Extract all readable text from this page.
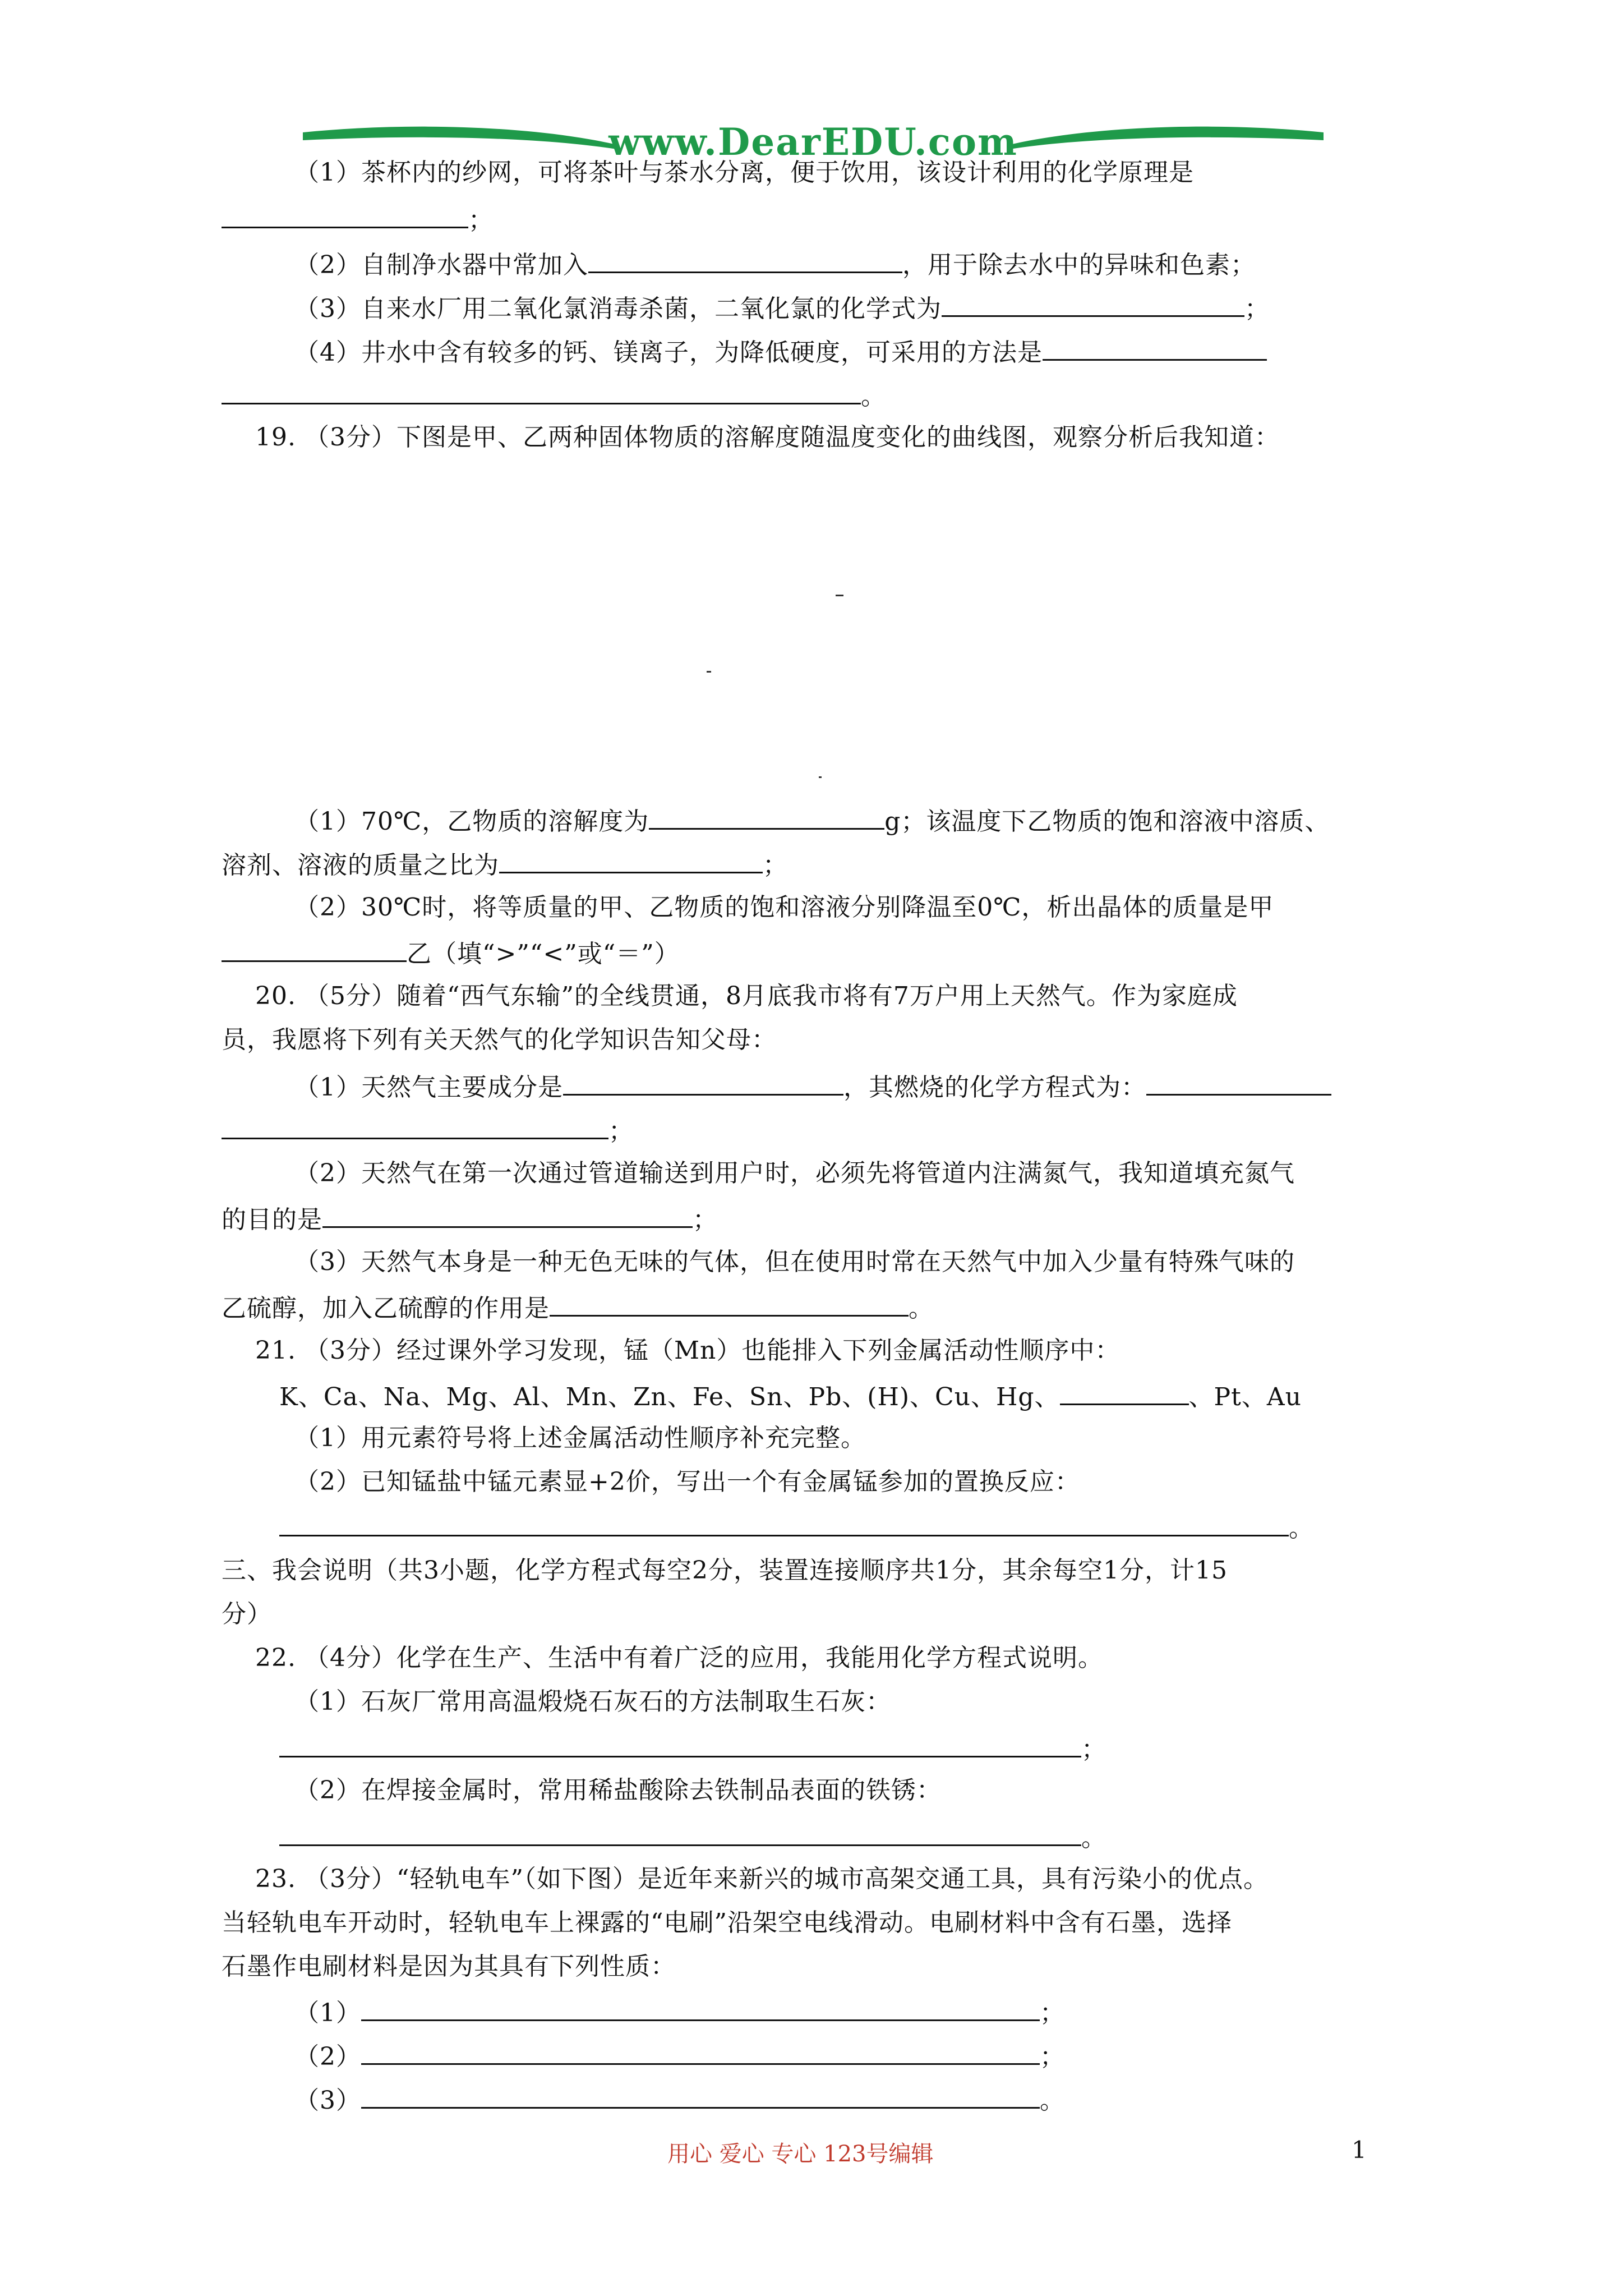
www.DearEDU.com
（1）茶杯内的纱网，可将茶叶与茶水分离，便于饮用，该设计利用的化学原理是
；
（2）自制净水器中常加入	，用于除去水中的异味和色素；
（3）自来水厂用二氧化氯消毒杀菌，二氧化氯的化学式为	；
（4）井水中含有较多的钙、镁离子，为降低硬度，可采用的方法是
。
19. （3分）下图是甲、乙两种固体物质的溶解度随温度变化的曲线图，观察分析后我知道：
（1）70℃，乙物质的溶解度为	g；该温度下乙物质的饱和溶液中溶质、
溶剂、溶液的质量之比为	；
（2）30℃时，将等质量的甲、乙物质的饱和溶液分别降温至0℃，析出晶体的质量是甲
乙（填“>”“<”或“＝”）
20. （5分）随着“西气东输”的全线贯通，8月底我市将有7万户用上天然气。作为家庭成
员，我愿将下列有关天然气的化学知识告知父母：
（1）天然气主要成分是	，其燃烧的化学方程式为：
；
（2）天然气在第一次通过管道输送到用户时，必须先将管道内注满氮气，我知道填充氮气
的目的是	；
（3）天然气本身是一种无色无味的气体，但在使用时常在天然气中加入少量有特殊气味的
乙硫醇，加入乙硫醇的作用是	。
21. （3分）经过课外学习发现，锰（Mn）也能排入下列金属活动性顺序中：
K、Ca、Na、Mg、Al、Mn、Zn、Fe、Sn、Pb、(H)、Cu、Hg、	、Pt、Au
（1）用元素符号将上述金属活动性顺序补充完整。
（2）已知锰盐中锰元素显+2价，写出一个有金属锰参加的置换反应：
。
三、我会说明（共3小题，化学方程式每空2分，装置连接顺序共1分，其余每空1分，计15
分）
22. （4分）化学在生产、生活中有着广泛的应用，我能用化学方程式说明。
（1）石灰厂常用高温煅烧石灰石的方法制取生石灰：
；
（2）在焊接金属时，常用稀盐酸除去铁制品表面的铁锈：
。
23. （3分）“轻轨电车”（如下图）是近年来新兴的城市高架交通工具，具有污染小的优点。
当轻轨电车开动时，轻轨电车上裸露的“电刷”沿架空电线滑动。电刷材料中含有石墨，选择
石墨作电刷材料是因为其具有下列性质：
（1）	；
（2）	；
（3）	。
用心 爱心 专心 123号编辑	1
